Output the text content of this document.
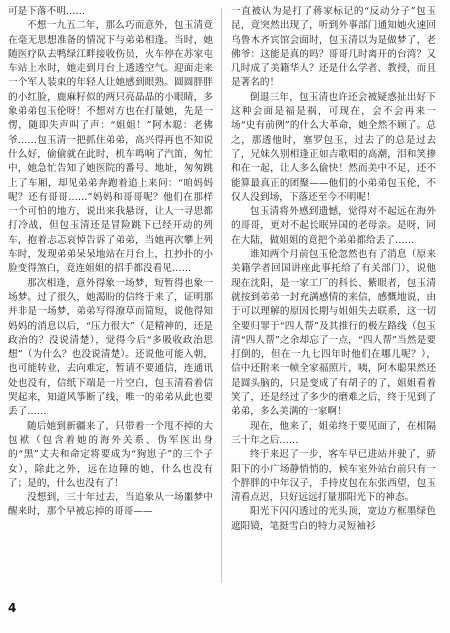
可是下落不明……

不想一九五二年，那么巧而意外，包玉清竟在毫无思想准备的情况下与弟弟相逢。当时，她随医疗队去鸭绿江畔接收伤员，火车停在苏家屯车站上水时，她走到月台上透透空气。迎面走来一个军人装束的年轻人让她感到眼熟。圆圆胖胖的小红脸，鹿麻籽似的两只亮晶晶的小眼睛，多象弟弟包玉伦呀！不想对方也在打量她，先是一愣，随即失声叫了声：“姐姐！”阿木聪：老佛爷……包玉清一把抓住弟弟，高兴得再也不知说什么好，偷偷就在此时，机车鸣响了汽笛，匆忙中，她急忙告知了她医院的番号、地址，匆匆跳上了车厢，却见弟弟奔跑着追上来问：“咱妈妈呢？还有哥哥……”妈妈和哥哥呢？他们在那样一个可怕的地方，说出来我悬讶，让人一寻思都打冷战，但包玉清还是冒险跳下已经开动的列车，抱着忐忑哀悼告诉了弟弟，当她再次攀上列车时，发现弟弟呆呆地站在月台上，扛抄扑的小脸变得煞白，竟连姐姐的招手都没看见……

那次相逢，意外得象一场梦，短暂得也象一场梦。过了很久，她渴盼的信终于来了，证明那并非是一场梦，弟弟写得潦草而简短，说他得知妈妈的消息以后，“压力很大”（是精神的，还是政治的？没说清楚），觉得今后“多吸收政治思想”（为什么？也没说清楚）。还说他可能入朝，也可能转业，去向难定，暂请不要通信，连通讯处也没有，信纸下端是一片空白，包玉清看着信哭起来，知道风筝断了线，唯一的弟弟从此也要丢了……

随后她到新疆来了，只带着一个甩不掉的大包袱（包含着她的海外关系、伪军医出身的“黑”丈夫和命定将要成为“狗崽子”的三个子女），除此之外，远在边陲的她，什么也没有了；是的，什么也没有了！

没想到，三十年过去，当追象从一场噩梦中醒来时，那个早被忘掉的哥哥——

一直被认为是打了蒋家标记的“反动分子”包玉昆，竟突然出现了，听到外事部门通知她火速回乌鲁木齐宾馆会面时，包玉清以为是做梦了，老佛爷：这能是真的吗？哥哥几时离开的台湾？又几时成了美籍华人？还是什么学者、教授，而且是著名的！

倒退三年，包玉清也许还会被疑惑扯出好下这种会面是福是祸，可现在，会不会再来一场“史有前例”的什么大革命，她全然不顾了。总之，那透他时，塞罗包玉，过去了的总是过去了，兄妹久别相逢正如吉歌唱的高潮，泪和笑掺和在一起，让人多么偷快！然而美中不足，还不能算最真正的团聚——他们的小弟弟包玉伦，不仅人没到场，下落还至今不明呢！

包玉清将外感到遗憾，觉得对不起远在海外的哥哥，更对不起长眠异国的老母亲。是呀，同在大陆，做姐姐的竟把个弟弟都给丢了……

谁知两个月前包玉伦忽然也有了消息（原来美籍学者回国讲座此事托给了有关部门），说他现在沈阳，是一家工厂的科长、紫眼者，包玉清就按到弟弟一封充满感情的来信，感慨地说，由于可以理解的原因长期与姐姐失去联系，这一切全要归罪于“四人帮”及其推行的极左路线（包玉清“四人帮”之余却忘了一点，“四人帮”当然是要打倒的，但在一九七四年时他们在哪儿呢？），信中还附来一帧全家福照片，咦，阿木聪果然还是圆头脑的，只是变成了有胡子的了，姐姐看着笑了，还是经过了多少的磨难之后，终于见到了弟弟，多么美满的一家啊！

现在，他来了，姐弟终于要见面了，在相隔三十年之后……

终于来迟了一步，客车早已进站并驶了，骄阳下的小广场静悄悄的，候车室外站台前只有一个胖胖的中年汉子，手持皮包在东张西望，包玉清看点迟，只好远远打量那阳光下的神态。

阳光下闪闪透过的光头顶，宽边方框墨绿色遮阳镜，笔挺雪白的特力灵短袖衫

4
